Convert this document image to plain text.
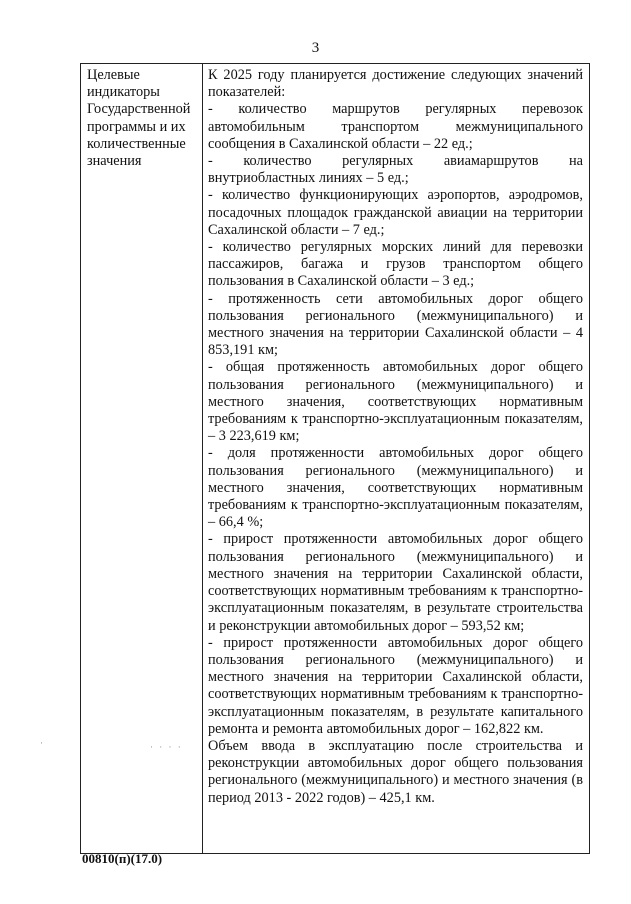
3
Целевые индикаторы Государственной программы и их количественные значения

К 2025 году планируется достижение следующих значений показателей:

- количество маршрутов регулярных перевозок автомобильным транспортом межмуниципального сообщения в Сахалинской области – 22 ед.;

- количество регулярных авиамаршрутов на внутриобластных линиях – 5 ед.;

- количество функционирующих аэропортов, аэродромов, посадочных площадок гражданской авиации на территории Сахалинской области – 7 ед.;

- количество регулярных морских линий для перевозки пассажиров, багажа и грузов транспортом общего пользования в Сахалинской области – 3 ед.;

- протяженность сети автомобильных дорог общего пользования регионального (межмуниципального) и местного значения на территории Сахалинской области – 4 853,191 км;

- общая протяженность автомобильных дорог общего пользования регионального (межмуниципального) и местного значения, соответствующих нормативным требованиям к транспортно-эксплуатационным показателям, – 3 223,619 км;

- доля протяженности автомобильных дорог общего пользования регионального (межмуниципального) и местного значения, соответствующих нормативным требованиям к транспортно-эксплуатационным показателям, – 66,4 %;

- прирост протяженности автомобильных дорог общего пользования регионального (межмуниципального) и местного значения на территории Сахалинской области, соответствующих нормативным требованиям к транспортно-эксплуатационным показателям, в результате строительства и реконструкции автомобильных дорог – 593,52 км;

- прирост протяженности автомобильных дорог общего пользования регионального (межмуниципального) и местного значения на территории Сахалинской области, соответствующих нормативным требованиям к транспортно-эксплуатационным показателям, в результате капитального ремонта и ремонта автомобильных дорог – 162,822 км.

Объем ввода в эксплуатацию после строительства и реконструкции автомобильных дорог общего пользования регионального (межмуниципального) и местного значения (в период 2013 - 2022 годов) – 425,1 км.

00810(п)(17.0)
· · · ·
·
